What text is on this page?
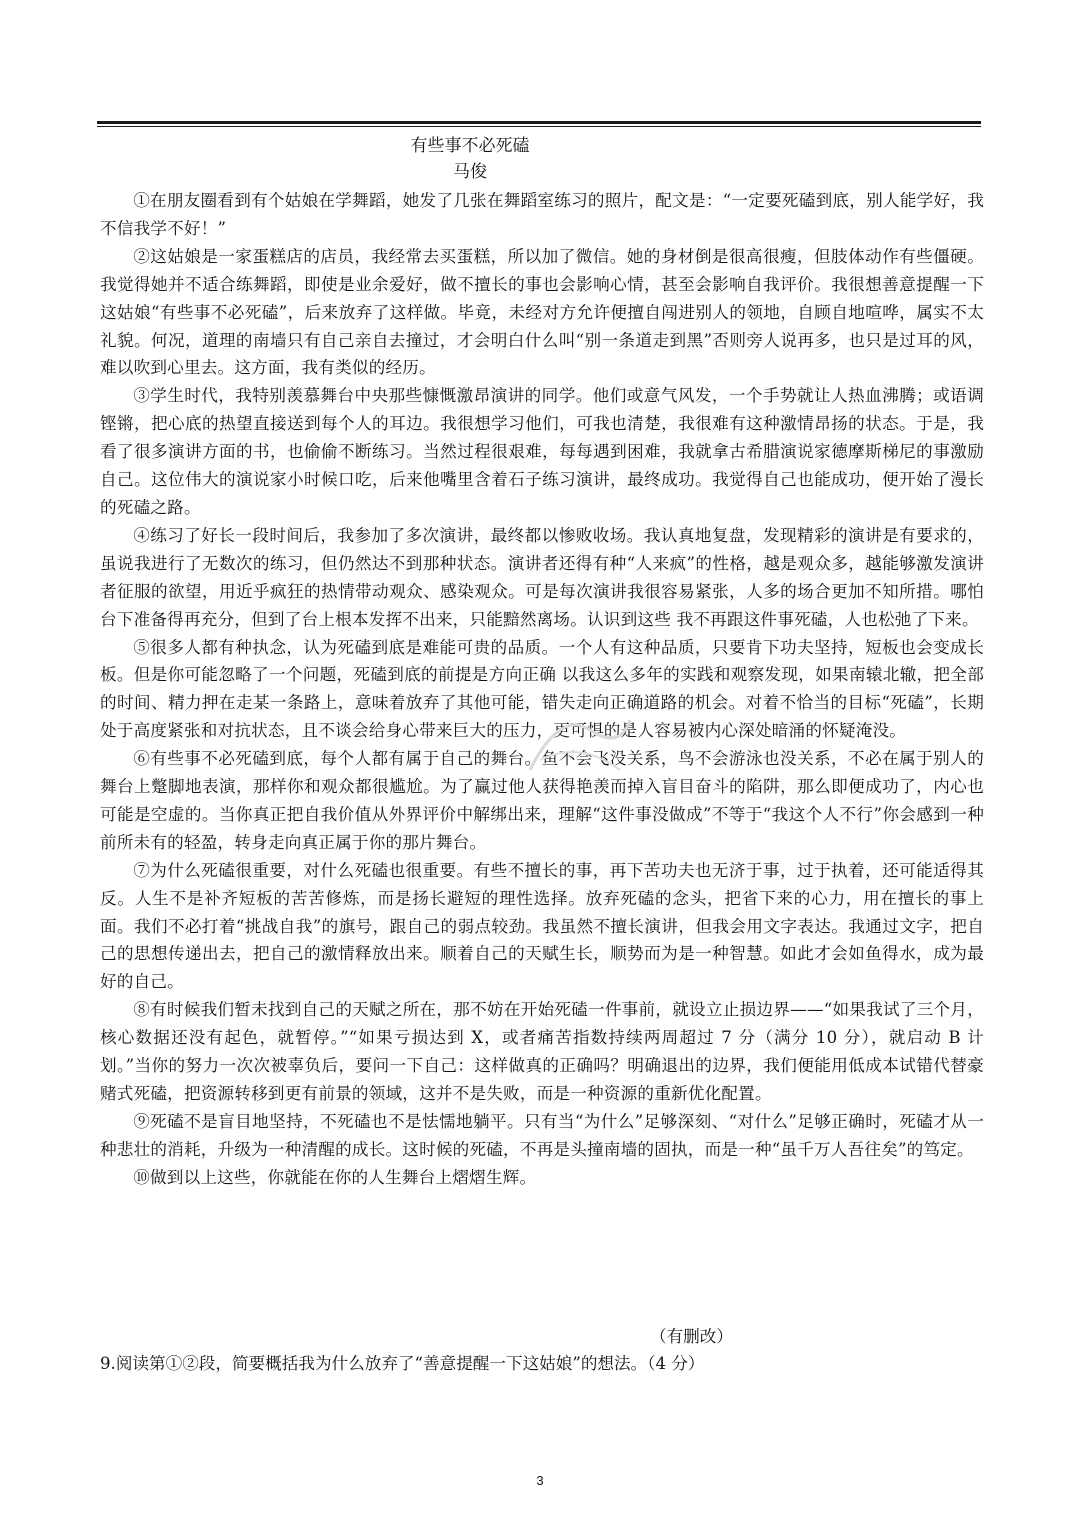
有些事不必死磕
马俊

①在朋友圈看到有个姑娘在学舞蹈，她发了几张在舞蹈室练习的照片，配文是：“一定要死磕到底，别人能学好，我不信我学不好！”

②这姑娘是一家蛋糕店的店员，我经常去买蛋糕，所以加了微信。她的身材倒是很高很瘦，但肢体动作有些僵硬。我觉得她并不适合练舞蹈，即使是业余爱好，做不擅长的事也会影响心情，甚至会影响自我评价。我很想善意提醒一下这姑娘“有些事不必死磕”，后来放弃了这样做。毕竟，未经对方允许便擅自闯进别人的领地，自顾自地喧哗，属实不太礼貌。何况，道理的南墙只有自己亲自去撞过，才会明白什么叫“别一条道走到黑”否则旁人说再多，也只是过耳的风，难以吹到心里去。这方面，我有类似的经历。

③学生时代，我特别羡慕舞台中央那些慷慨激昂演讲的同学。他们或意气风发，一个手势就让人热血沸腾；或语调铿锵，把心底的热望直接送到每个人的耳边。我很想学习他们，可我也清楚，我很难有这种激情昂扬的状态。于是，我看了很多演讲方面的书，也偷偷不断练习。当然过程很艰难，每每遇到困难，我就拿古希腊演说家德摩斯梯尼的事激励自己。这位伟大的演说家小时候口吃，后来他嘴里含着石子练习演讲，最终成功。我觉得自己也能成功，便开始了漫长的死磕之路。

④练习了好长一段时间后，我参加了多次演讲，最终都以惨败收场。我认真地复盘，发现精彩的演讲是有要求的，虽说我进行了无数次的练习，但仍然达不到那种状态。演讲者还得有种“人来疯”的性格，越是观众多，越能够激发演讲者征服的欲望，用近乎疯狂的热情带动观众、感染观众。可是每次演讲我很容易紧张，人多的场合更加不知所措。哪怕台下准备得再充分，但到了台上根本发挥不出来，只能黯然离场。认识到这些 我不再跟这件事死磕，人也松弛了下来。

⑤很多人都有种执念，认为死磕到底是难能可贵的品质。一个人有这种品质，只要肯下功夫坚持，短板也会变成长板。但是你可能忽略了一个问题，死磕到底的前提是方向正确 以我这么多年的实践和观察发现，如果南辕北辙，把全部的时间、精力押在走某一条路上，意味着放弃了其他可能，错失走向正确道路的机会。对着不恰当的目标“死磕”，长期处于高度紧张和对抗状态，且不谈会给身心带来巨大的压力，更可惧的是人容易被内心深处暗涌的怀疑淹没。

⑥有些事不必死磕到底，每个人都有属于自己的舞台。鱼不会飞没关系，鸟不会游泳也没关系，不必在属于别人的舞台上蹩脚地表演，那样你和观众都很尴尬。为了赢过他人获得艳羡而掉入盲目奋斗的陷阱，那么即便成功了，内心也可能是空虚的。当你真正把自我价值从外界评价中解绑出来，理解“这件事没做成”不等于“我这个人不行”你会感到一种前所未有的轻盈，转身走向真正属于你的那片舞台。

⑦为什么死磕很重要，对什么死磕也很重要。有些不擅长的事，再下苦功夫也无济于事，过于执着，还可能适得其反。人生不是补齐短板的苦苦修炼，而是扬长避短的理性选择。放弃死磕的念头，把省下来的心力，用在擅长的事上面。我们不必打着“挑战自我”的旗号，跟自己的弱点较劲。我虽然不擅长演讲，但我会用文字表达。我通过文字，把自己的思想传递出去，把自己的激情释放出来。顺着自己的天赋生长，顺势而为是一种智慧。如此才会如鱼得水，成为最好的自己。

⑧有时候我们暂未找到自己的天赋之所在，那不妨在开始死磕一件事前，就设立止损边界——“如果我试了三个月，核心数据还没有起色，就暂停。”“如果亏损达到 X，或者痛苦指数持续两周超过 7 分（满分 10 分），就启动 B 计划。”当你的努力一次次被辜负后，要问一下自己：这样做真的正确吗？明确退出的边界，我们便能用低成本试错代替豪赌式死磕，把资源转移到更有前景的领域，这并不是失败，而是一种资源的重新优化配置。

⑨死磕不是盲目地坚持，不死磕也不是怯懦地躺平。只有当“为什么”足够深刻、“对什么”足够正确时，死磕才从一种悲壮的消耗，升级为一种清醒的成长。这时候的死磕，不再是头撞南墙的固执，而是一种“虽千万人吾往矣”的笃定。

⑩做到以上这些，你就能在你的人生舞台上熠熠生辉。

（有删改）
9.阅读第①②段，简要概括我为什么放弃了“善意提醒一下这姑娘”的想法。（4 分）
3
